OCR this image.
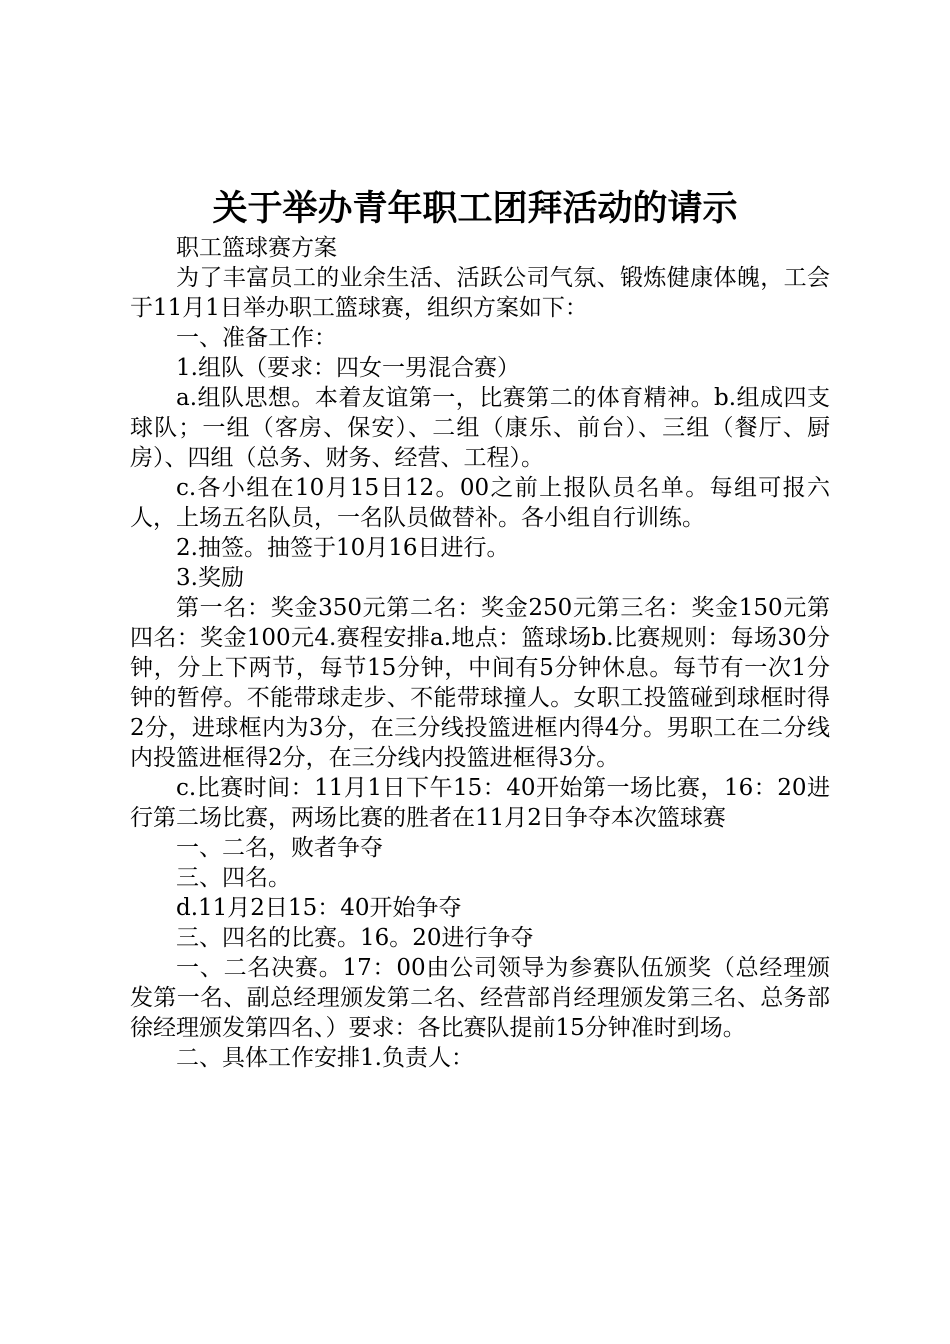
关于举办青年职工团拜活动的请示

职工篮球赛方案

为了丰富员工的业余生活、活跃公司气氛、锻炼健康体魄，工会于11月1日举办职工篮球赛，组织方案如下：

一、准备工作：

1.组队（要求：四女一男混合赛）

a.组队思想。本着友谊第一，比赛第二的体育精神。b.组成四支球队；一组（客房、保安）、二组（康乐、前台）、三组（餐厅、厨房）、四组（总务、财务、经营、工程）。

c.各小组在10月15日12。00之前上报队员名单。每组可报六人，上场五名队员，一名队员做替补。各小组自行训练。

2.抽签。抽签于10月16日进行。

3.奖励

第一名：奖金350元第二名：奖金250元第三名：奖金150元第四名：奖金100元4.赛程安排a.地点：篮球场b.比赛规则：每场30分钟，分上下两节，每节15分钟，中间有5分钟休息。每节有一次1分钟的暂停。不能带球走步、不能带球撞人。女职工投篮碰到球框时得2分，进球框内为3分，在三分线投篮进框内得4分。男职工在二分线内投篮进框得2分，在三分线内投篮进框得3分。

c.比赛时间：11月1日下午15：40开始第一场比赛，16：20进行第二场比赛，两场比赛的胜者在11月2日争夺本次篮球赛

一、二名，败者争夺

三、四名。

d.11月2日15：40开始争夺

三、四名的比赛。16。20进行争夺

一、二名决赛。17：00由公司领导为参赛队伍颁奖（总经理颁发第一名、副总经理颁发第二名、经营部肖经理颁发第三名、总务部徐经理颁发第四名、）要求：各比赛队提前15分钟准时到场。

二、具体工作安排1.负责人：
